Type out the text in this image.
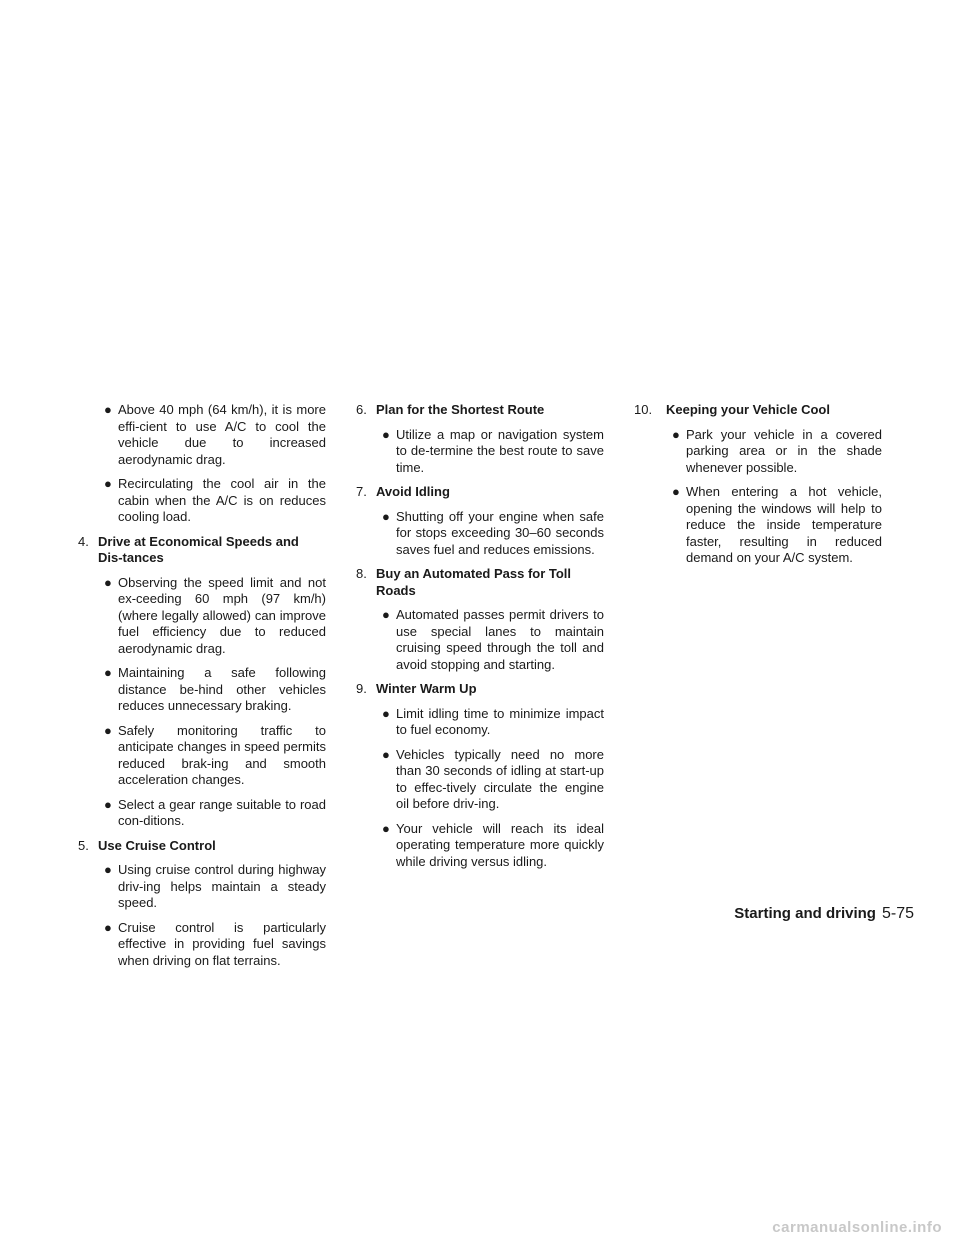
● Above 40 mph (64 km/h), it is more effi-cient to use A/C to cool the vehicle due to increased aerodynamic drag.
● Recirculating the cool air in the cabin when the A/C is on reduces cooling load.
4. Drive at Economical Speeds and Dis-tances
● Observing the speed limit and not ex-ceeding 60 mph (97 km/h) (where legally allowed) can improve fuel efficiency due to reduced aerodynamic drag.
● Maintaining a safe following distance be-hind other vehicles reduces unnecessary braking.
● Safely monitoring traffic to anticipate changes in speed permits reduced brak-ing and smooth acceleration changes.
● Select a gear range suitable to road con-ditions.
5. Use Cruise Control
● Using cruise control during highway driv-ing helps maintain a steady speed.
● Cruise control is particularly effective in providing fuel savings when driving on flat terrains.
6. Plan for the Shortest Route
● Utilize a map or navigation system to de-termine the best route to save time.
7. Avoid Idling
● Shutting off your engine when safe for stops exceeding 30–60 seconds saves fuel and reduces emissions.
8. Buy an Automated Pass for Toll Roads
● Automated passes permit drivers to use special lanes to maintain cruising speed through the toll and avoid stopping and starting.
9. Winter Warm Up
● Limit idling time to minimize impact to fuel economy.
● Vehicles typically need no more than 30 seconds of idling at start-up to effec-tively circulate the engine oil before driv-ing.
● Your vehicle will reach its ideal operating temperature more quickly while driving versus idling.
10. Keeping your Vehicle Cool
● Park your vehicle in a covered parking area or in the shade whenever possible.
● When entering a hot vehicle, opening the windows will help to reduce the inside temperature faster, resulting in reduced demand on your A/C system.
Starting and driving 5-75
carmanualsonline.info
